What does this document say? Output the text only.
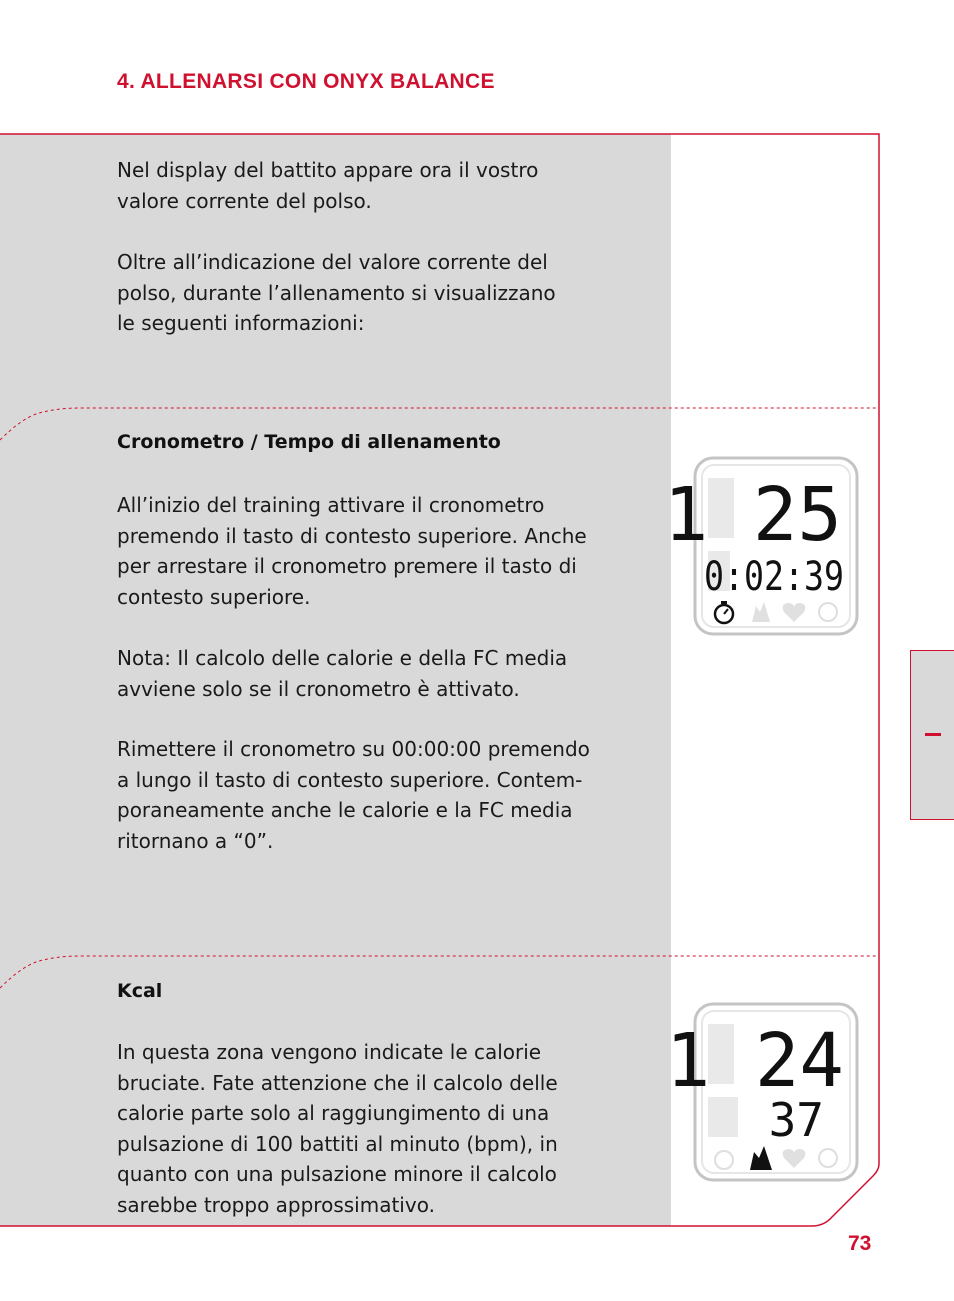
4. ALLENARSI CON ONYX BALANCE
Nel display del battito appare ora il vostro
valore corrente del polso.
Oltre all’indicazione del valore corrente del
polso, durante l’allenamento si visualizzano
le seguenti informazioni:
Cronometro / Tempo di allenamento
All’inizio del training attivare il cronometro
premendo il tasto di contesto superiore. Anche
per arrestare il cronometro premere il tasto di
contesto superiore.
Nota: Il calcolo delle calorie e della FC media
avviene solo se il cronometro è attivato.
Rimettere il cronometro su 00:00:00 premendo
a lungo il tasto di contesto superiore. Contem-
poraneamente anche le calorie e la FC media
ritornano a “0”.
1 25
0:02:39
Kcal
In questa zona vengono indicate le calorie
bruciate. Fate attenzione che il calcolo delle
calorie parte solo al raggiungimento di una
pulsazione di 100 battiti al minuto (bpm), in
quanto con una pulsazione minore il calcolo
sarebbe troppo approssimativo.
1 24
37
73
